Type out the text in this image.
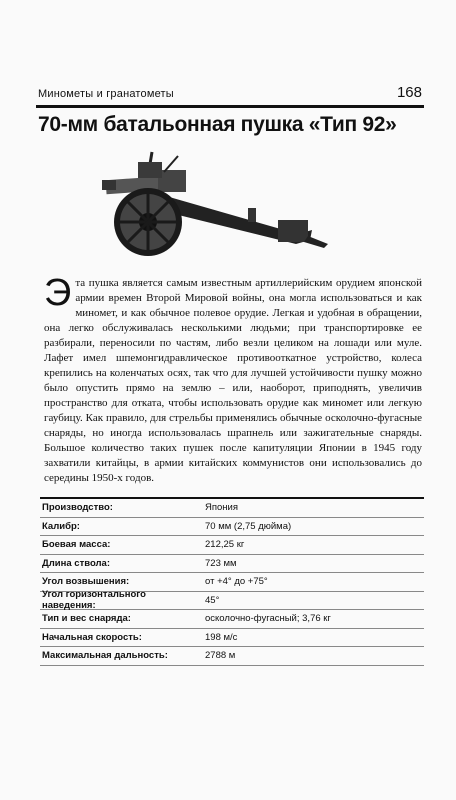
Минометы и гранатометы	168
70-мм батальонная пушка «Тип 92»
Эта пушка является самым известным артиллерийским орудием японской армии времен Второй Мировой войны, она могла использоваться и как миномет, и как обычное полевое орудие. Легкая и удобная в обращении, она легко обслуживалась несколькими людьми; при транспортировке ее разбирали, переносили по частям, либо везли целиком на лошади или муле. Лафет имел шпемонгидравлическое противооткатное устройство, колеса крепились на коленчатых осях, так что для лучшей устойчивости пушку можно было опустить прямо на землю – или, наоборот, приподнять, увеличив пространство для отката, чтобы использовать орудие как миномет или легкую гаубицу. Как правило, для стрельбы применялись обычные осколочно-фугасные снаряды, но иногда использовалась шрапнель или зажигательные снаряды. Большое количество таких пушек после капитуляции Японии в 1945 году захватили китайцы, в армии китайских коммунистов они использовались до середины 1950-х годов.
Производство:	Япония
Калибр:	70 мм (2,75 дюйма)
Боевая масса:	212,25 кг
Длина ствола:	723 мм
Угол возвышения:	от +4° до +75°
Угол горизонтального наведения:	45°
Тип и вес снаряда:	осколочно-фугасный; 3,76 кг
Начальная скорость:	198 м/с
Максимальная дальность:	2788 м
